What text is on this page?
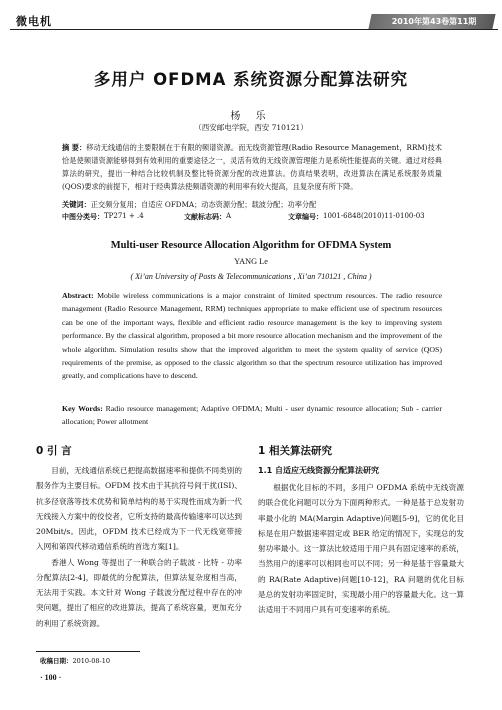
微电机	2010年第43卷第11期
多用户 OFDMA 系统资源分配算法研究
杨 乐
（西安邮电学院，西安 710121）
摘 要：移动无线通信的主要限制在于有限的频谱资源。而无线资源管理(Radio Resource Management，RRM)技术恰是使频谱资源能够得到有效利用的重要途径之一，灵活有效的无线资源管理能力是系统性能提高的关键。通过对经典算法的研究，提出一种结合比较机制及整比特资源分配的改进算法。仿真结果表明，改进算法在满足系统服务质量(QOS)要求的前提下，相对于经典算法使频谱资源的利用率有较大提高，且复杂度有所下降。
关键词：正交频分复用；自适应 OFDMA；动态资源分配；载波分配；功率分配
中图分类号： TP271 + .4	文献标志码： A	文章编号： 1001-6848(2010)11-0100-03
Multi-user Resource Allocation Algorithm for OFDMA System
YANG Le
( Xi’an University of Posts & Telecommunications , Xi’an 710121 , China )
Abstract: Mobile wireless communications is a major constraint of limited spectrum resources. The radio resource management (Radio Resource Management, RRM) techniques appropriate to make efficient use of spectrum resources can be one of the important ways, flexible and efficient radio resource management is the key to improving system performance. By the classical algorithm, proposed a bit more resource allocation mechanism and the improvement of the whole algorithm. Simulation results show that the improved algorithm to meet the system quality of service (QOS) requirements of the premise, as opposed to the classic algorithm so that the spectrum resource utilization has improved greatly, and complications have to descend.
Key Words: Radio resource management; Adaptive OFDMA; Multi - user dynamic resource allocation; Sub - carrier allocation; Power allotment
0 引 言

目前，无线通信系统已把提高数据速率和提供不同类别的服务作为主要目标。OFDM 技术由于其抗符号间干扰(ISI)、抗多径衰落等技术优势和简单结构的易于实现性而成为新一代无线接入方案中的佼佼者，它所支持的最高传输速率可以达到 20Mbit/s。因此，OFDM 技术已经成为下一代无线宽带接入网和第四代移动通信系统的首选方案[1]。

香港人 Wong 等提出了一种联合的子载波 - 比特 - 功率分配算法[2-4]，即最优的分配算法，但算法复杂度相当高，无法用于实践。本文针对 Wong 子载波分配过程中存在的冲突问题，提出了相应的改进算法，提高了系统容量，更加充分的利用了系统资源。

1 相关算法研究
1.1 自适应无线资源分配算法研究

根据优化目标的不同，多用户 OFDMA 系统中无线资源的联合优化问题可以分为下面两种形式。一种是基于总发射功率最小化的 MA(Margin Adaptive)问题[5-9]，它的优化目标是在用户数据速率固定或 BER 给定的情况下，实现总的发射功率最小。这一算法比较适用于用户具有固定速率的系统，当然用户的速率可以相同也可以不同；另一种是基于容量最大的 RA(Rate Adaptive)问题[10-12]，RA 问题的优化目标是总的发射功率固定时，实现最小用户的容量最大化。这一算法适用于不同用户具有可变速率的系统。

收稿日期：2010-08-10
· 100 ·
